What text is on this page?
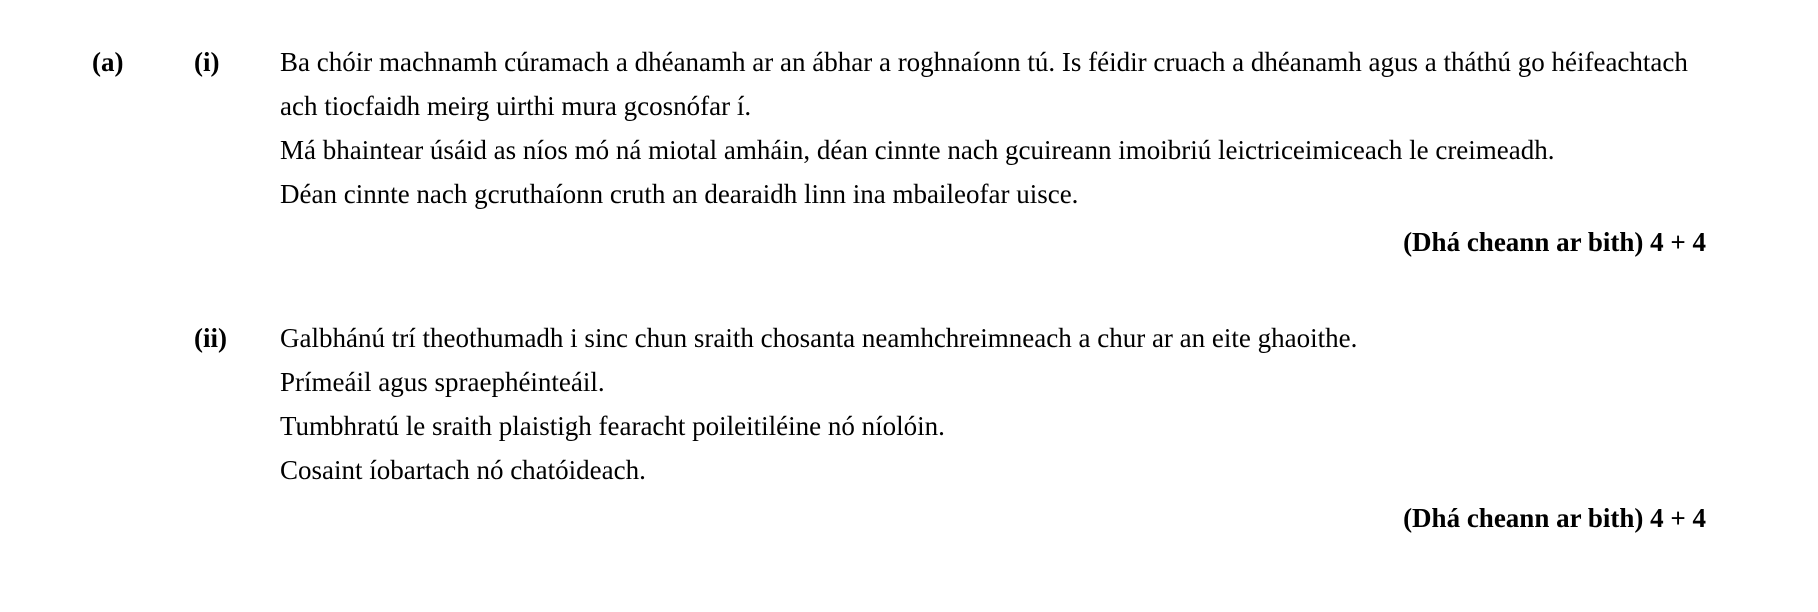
(a)	(i)	Ba chóir machnamh cúramach a dhéanamh ar an ábhar a roghnaíonn tú. Is féidir cruach a dhéanamh agus a tháthú go héifeachtach ach tiocfaidh meirg uirthi mura gcosnófar í.
Má bhaintear úsáid as níos mó ná miotal amháin, déan cinnte nach gcuireann imoibriú leictriceimiceach le creimeadh.
Déan cinnte nach gcruthaíonn cruth an dearaidh linn ina mbaileofar uisce.
(Dhá cheann ar bith) 4 + 4
(ii)	Galbhánú trí theothumadh i sinc chun sraith chosanta neamhchreimneach a chur ar an eite ghaoithe.
Prímeáil agus spraephéinteáil.
Tumbhratú le sraith plaistigh fearacht poileitiléine nó níolóin.
Cosaint íobartach nó chatóideach.
(Dhá cheann ar bith) 4 + 4
